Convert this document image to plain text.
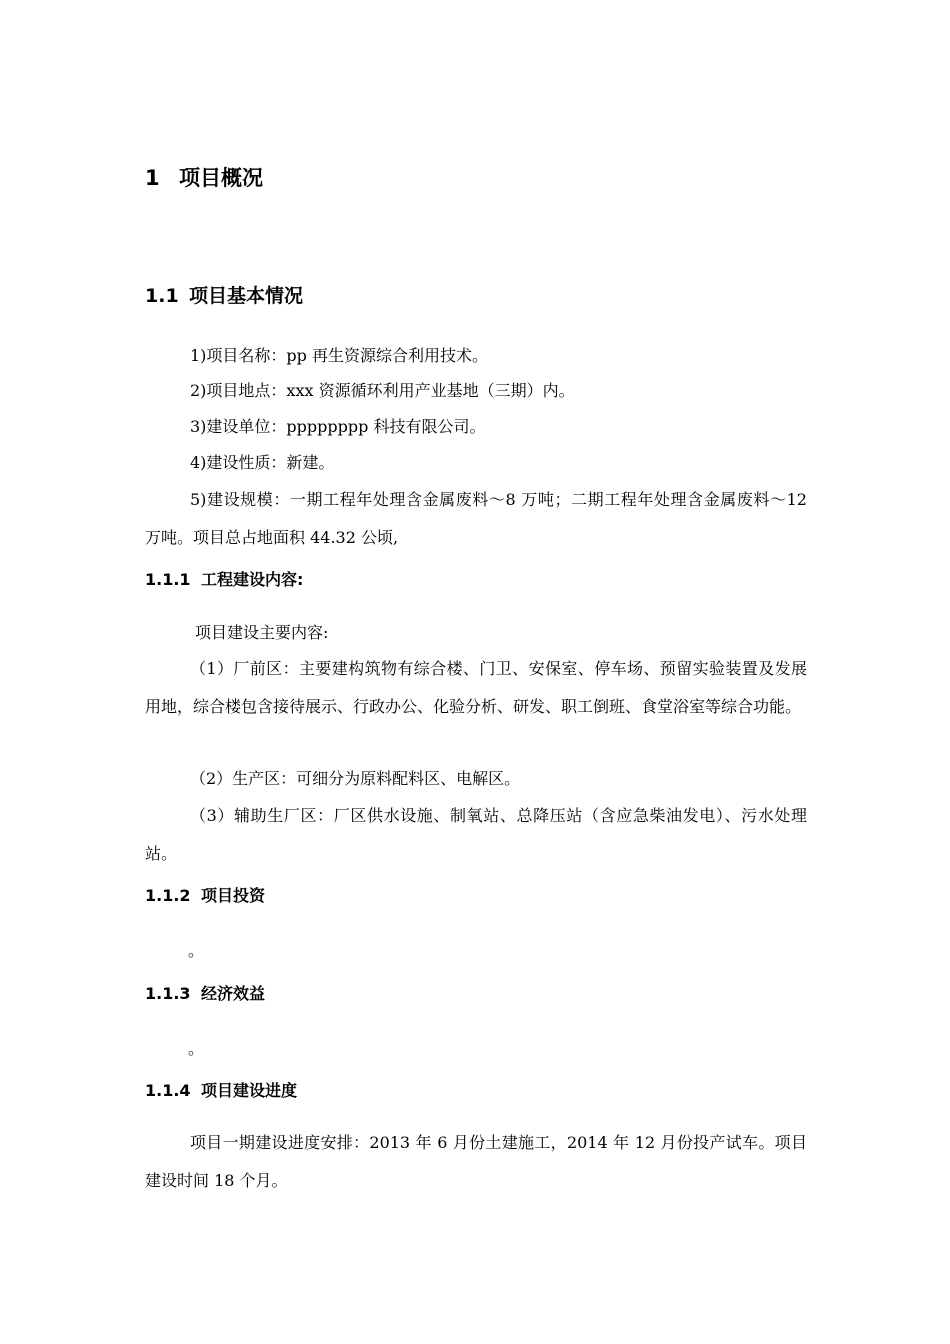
1 项目概况
1.1 项目基本情况
1)项目名称：pp 再生资源综合利用技术。
2)项目地点：xxx 资源循环利用产业基地（三期）内。
3)建设单位：pppppppp 科技有限公司。
4)建设性质：新建。
5)建设规模：一期工程年处理含金属废料～8 万吨；二期工程年处理含金属废料～12 万吨。项目总占地面积 44.32 公顷,
1.1.1 工程建设内容:
项目建设主要内容:
（1）厂前区：主要建构筑物有综合楼、门卫、安保室、停车场、预留实验装置及发展用地，综合楼包含接待展示、行政办公、化验分析、研发、职工倒班、食堂浴室等综合功能。
（2）生产区：可细分为原料配料区、电解区。
（3）辅助生厂区：厂区供水设施、制氧站、总降压站（含应急柴油发电）、污水处理站。
1.1.2 项目投资
。
1.1.3 经济效益
。
1.1.4 项目建设进度
项目一期建设进度安排：2013 年 6 月份土建施工，2014 年 12 月份投产试车。项目建设时间 18 个月。
